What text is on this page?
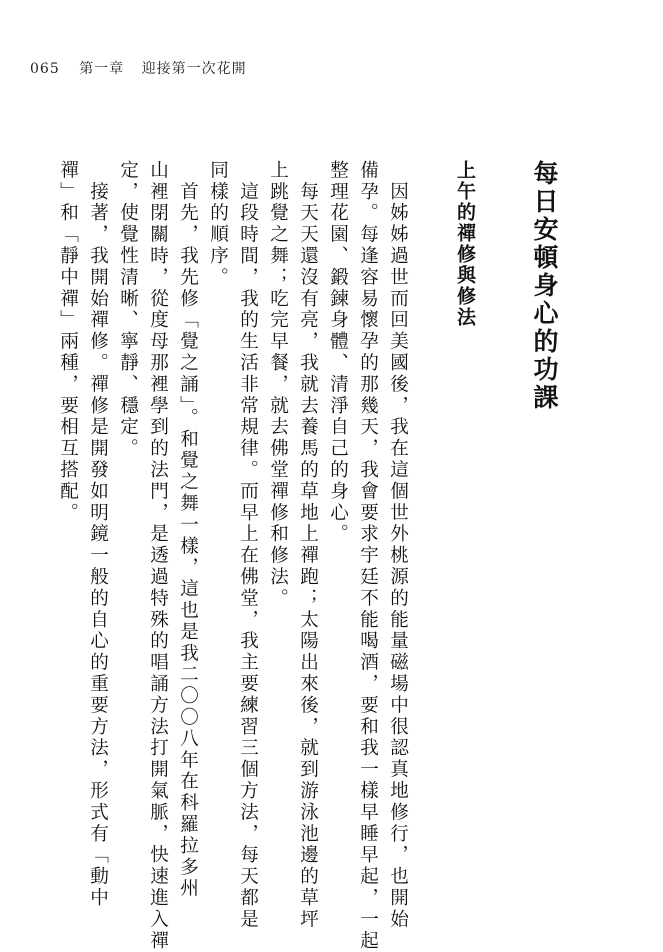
065 第一章 迎接第一次花開
每日安頓身心的功課
上午的禪修與修法
　因姊姊過世而回美國後，我在這個世外桃源的能量磁場中很認真地修行，也開始
備孕。每逢容易懷孕的那幾天，我會要求宇廷不能喝酒，要和我一樣早睡早起，一起
整理花園、鍛鍊身體、清淨自己的身心。
　每天天還沒有亮，我就去養馬的草地上禪跑；太陽出來後，就到游泳池邊的草坪
上跳覺之舞；吃完早餐，就去佛堂禪修和修法。
　這段時間，我的生活非常規律。而早上在佛堂，我主要練習三個方法，每天都是
同樣的順序。
　首先，我先修「覺之誦」。和覺之舞一樣，這也是我二〇〇八年在科羅拉多州
山裡閉關時，從度母那裡學到的法門，是透過特殊的唱誦方法打開氣脈，快速進入禪
定，使覺性清晰、寧靜、穩定。
　接著，我開始禪修。禪修是開發如明鏡一般的自心的重要方法，形式有「動中
禪」和「靜中禪」兩種，要相互搭配。
